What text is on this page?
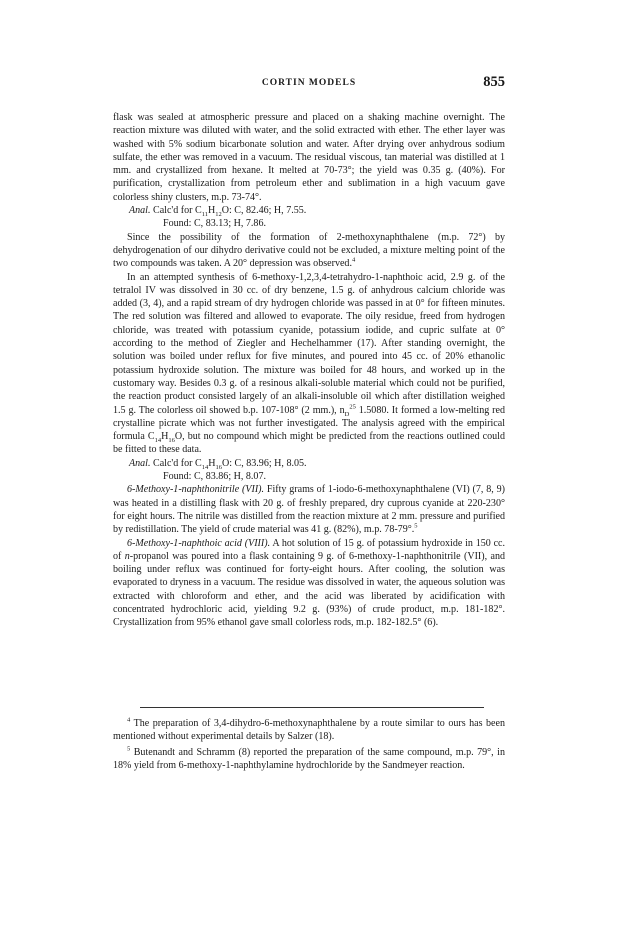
CORTIN MODELS	855

flask was sealed at atmospheric pressure and placed on a shaking machine overnight. The reaction mixture was diluted with water, and the solid extracted with ether. The ether layer was washed with 5% sodium bicarbonate solution and water. After drying over anhydrous sodium sulfate, the ether was removed in a vacuum. The residual viscous, tan material was distilled at 1 mm. and crystallized from hexane. It melted at 70-73°; the yield was 0.35 g. (40%). For purification, crystallization from petroleum ether and sublimation in a high vacuum gave colorless shiny clusters, m.p. 73-74°.

Anal. Calc'd for $C_{11}H_{12}O$: C, 82.46; H, 7.55.

Found: C, 83.13; H, 7.86.

Since the possibility of the formation of 2-methoxynaphthalene (m.p. 72°) by dehydrogenation of our dihydro derivative could not be excluded, a mixture melting point of the two compounds was taken. A 20° depression was observed.$^4$

In an attempted synthesis of 6-methoxy-1,2,3,4-tetrahydro-1-naphthoic acid, 2.9 g. of the tetralol IV was dissolved in 30 cc. of dry benzene, 1.5 g. of anhydrous calcium chloride was added (3, 4), and a rapid stream of dry hydrogen chloride was passed in at 0° for fifteen minutes. The red solution was filtered and allowed to evaporate. The oily residue, freed from hydrogen chloride, was treated with potassium cyanide, potassium iodide, and cupric sulfate at 0° according to the method of Ziegler and Hechelhammer (17). After standing overnight, the solution was boiled under reflux for five minutes, and poured into 45 cc. of 20% ethanolic potassium hydroxide solution. The mixture was boiled for 48 hours, and worked up in the customary way. Besides 0.3 g. of a resinous alkali-soluble material which could not be purified, the reaction product consisted largely of an alkali-insoluble oil which after distillation weighed 1.5 g. The colorless oil showed b.p. 107-108° (2 mm.), $n_D^{25}$ 1.5080. It formed a low-melting red crystalline picrate which was not further investigated. The analysis agreed with the empirical formula $C_{14}H_{16}O$, but no compound which might be predicted from the reactions outlined could be fitted to these data.

Anal. Calc'd for $C_{14}H_{16}O$: C, 83.96; H, 8.05.

Found: C, 83.86; H, 8.07.

6-Methoxy-1-naphthonitrile (VII). Fifty grams of 1-iodo-6-methoxynaphthalene (VI) (7, 8, 9) was heated in a distilling flask with 20 g. of freshly prepared, dry cuprous cyanide at 220-230° for eight hours. The nitrile was distilled from the reaction mixture at 2 mm. pressure and purified by redistillation. The yield of crude material was 41 g. (82%), m.p. 78-79°.$^5$

6-Methoxy-1-naphthoic acid (VIII). A hot solution of 15 g. of potassium hydroxide in 150 cc. of n-propanol was poured into a flask containing 9 g. of 6-methoxy-1-naphthonitrile (VII), and boiling under reflux was continued for forty-eight hours. After cooling, the solution was evaporated to dryness in a vacuum. The residue was dissolved in water, the aqueous solution was extracted with chloroform and ether, and the acid was liberated by acidification with concentrated hydrochloric acid, yielding 9.2 g. (93%) of crude product, m.p. 181-182°. Crystallization from 95% ethanol gave small colorless rods, m.p. 182-182.5° (6).

$^4$ The preparation of 3,4-dihydro-6-methoxynaphthalene by a route similar to ours has been mentioned without experimental details by Salzer (18).

$^5$ Butenandt and Schramm (8) reported the preparation of the same compound, m.p. 79°, in 18% yield from 6-methoxy-1-naphthylamine hydrochloride by the Sandmeyer reaction.
